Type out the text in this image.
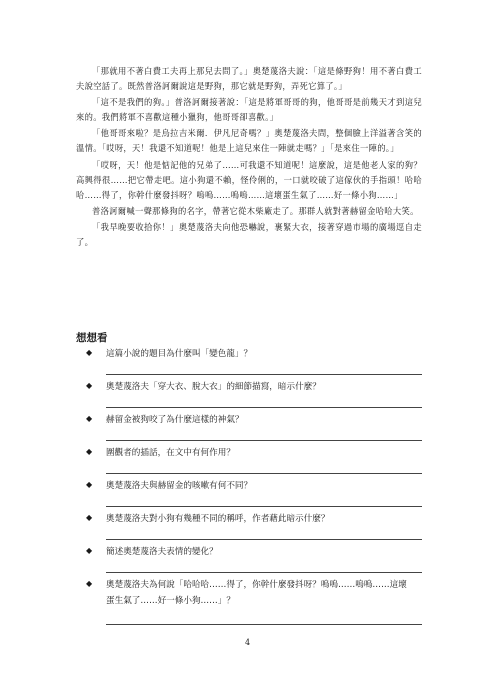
「那就用不著白費工夫再上那兒去問了。」奧楚蔑洛夫說：「這是條野狗！用不著白費工夫說空話了。既然普洛訶爾說這是野狗，那它就是野狗，弄死它算了。」

「這不是我們的狗。」普洛訶爾接著說：「這是將軍哥哥的狗，他哥哥是前幾天才到這兒來的。我們將軍不喜歡這種小獵狗，他哥哥卻喜歡。」

「他哥哥來啦？是烏拉吉米爾．伊凡尼奇嗎？」奧楚蔑洛夫問，整個臉上洋溢著含笑的溫情。「哎呀，天！我還不知道呢！他是上這兒來住一陣就走嗎？」「是來住一陣的。」

「哎呀，天！他是惦記他的兄弟了……可我還不知道呢！這麼說，這是他老人家的狗？高興得很……把它帶走吧。這小狗還不賴，怪伶俐的，一口就咬破了這傢伙的手指頭！哈哈哈……得了，你幹什麼發抖呀？嗚嗚……嗚嗚……這壞蛋生氣了……好一條小狗……」

普洛訶爾喊一聲那條狗的名字，帶著它從木柴廠走了。那群人就對著赫留金哈哈大笑。

「我早晚要收拾你！」奧楚蔑洛夫向他恐嚇說，裹緊大衣，接著穿過市場的廣場逕自走了。

想想看
◆ 這篇小說的題目為什麼叫「變色龍」？
◆ 奧楚蔑洛夫「穿大衣、脫大衣」的細節描寫，暗示什麼？
◆ 赫留金被狗咬了為什麼這樣的神氣？
◆ 圍觀者的插話，在文中有何作用？
◆ 奧楚蔑洛夫與赫留金的咳嗽有何不同？
◆ 奧楚蔑洛夫對小狗有幾種不同的稱呼，作者藉此暗示什麼？
◆ 簡述奧楚蔑洛夫表情的變化？
◆ 奧楚蔑洛夫為何說「哈哈哈……得了，你幹什麼發抖呀？嗚嗚……嗚嗚……這壞蛋生氣了……好一條小狗……」？
4
